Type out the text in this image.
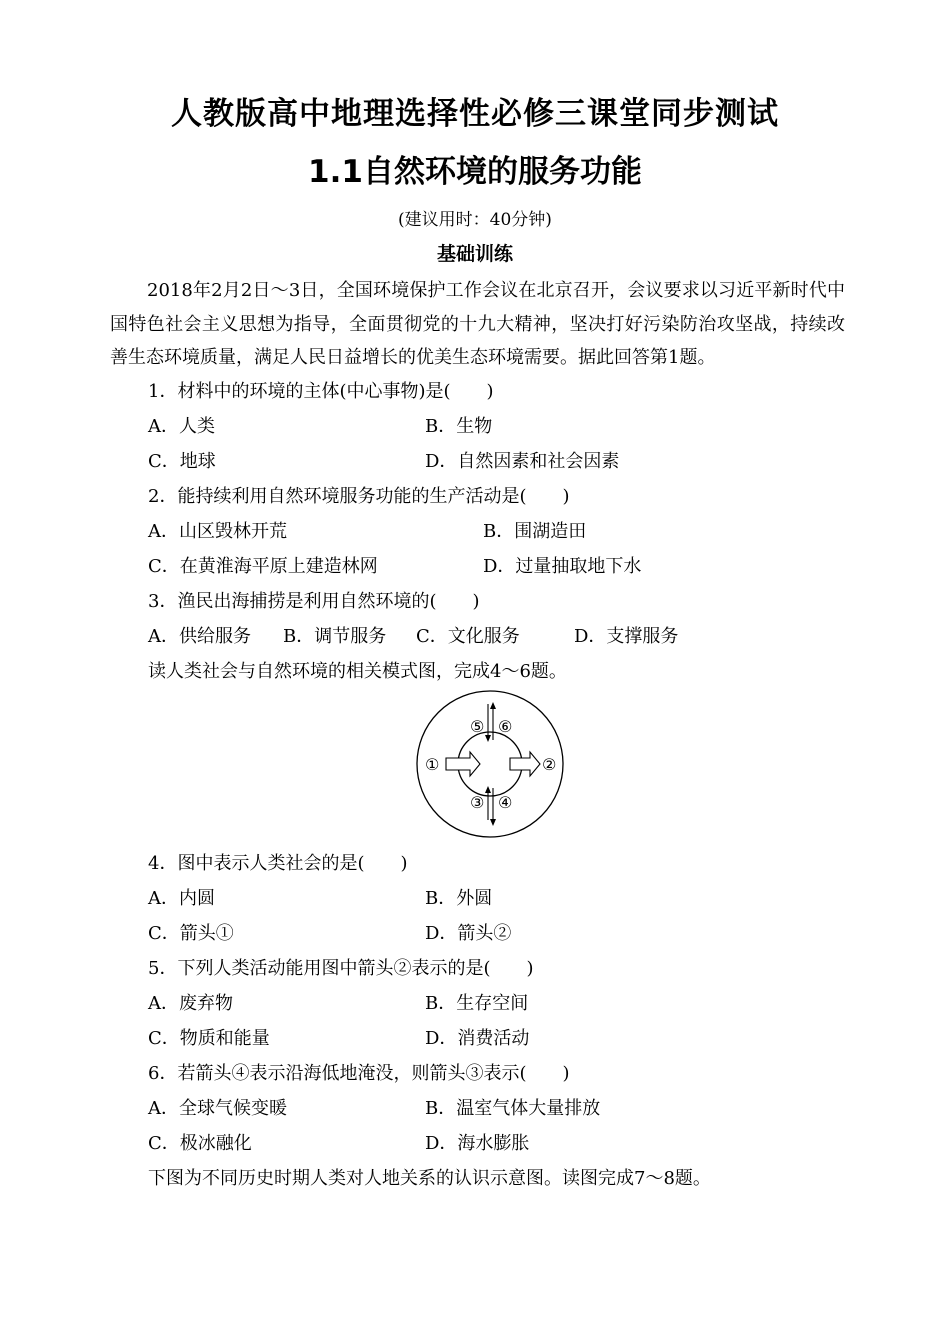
人教版高中地理选择性必修三课堂同步测试
1.1自然环境的服务功能
(建议用时：40分钟)
基础训练
2018年2月2日～3日，全国环境保护工作会议在北京召开，会议要求以习近平新时代中国特色社会主义思想为指导，全面贯彻党的十九大精神，坚决打好污染防治攻坚战，持续改善生态环境质量，满足人民日益增长的优美生态环境需要。据此回答第1题。
1．材料中的环境的主体(中心事物)是(　　)
A．人类	B．生物
C．地球	D．自然因素和社会因素
2．能持续利用自然环境服务功能的生产活动是(　　)
A．山区毁林开荒	B．围湖造田
C．在黄淮海平原上建造林网	D．过量抽取地下水
3．渔民出海捕捞是利用自然环境的(　　)
A．供给服务 B．调节服务 C．文化服务	D．支撑服务
读人类社会与自然环境的相关模式图，完成4～6题。
①	②
③ ④
⑤ ⑥
4．图中表示人类社会的是(　　)
A．内圆	B．外圆
C．箭头①	D．箭头②
5．下列人类活动能用图中箭头②表示的是(　　)
A．废弃物	B．生存空间
C．物质和能量	D．消费活动
6．若箭头④表示沿海低地淹没，则箭头③表示(　　)
A．全球气候变暖	B．温室气体大量排放
C．极冰融化	D．海水膨胀
下图为不同历史时期人类对人地关系的认识示意图。读图完成7～8题。
